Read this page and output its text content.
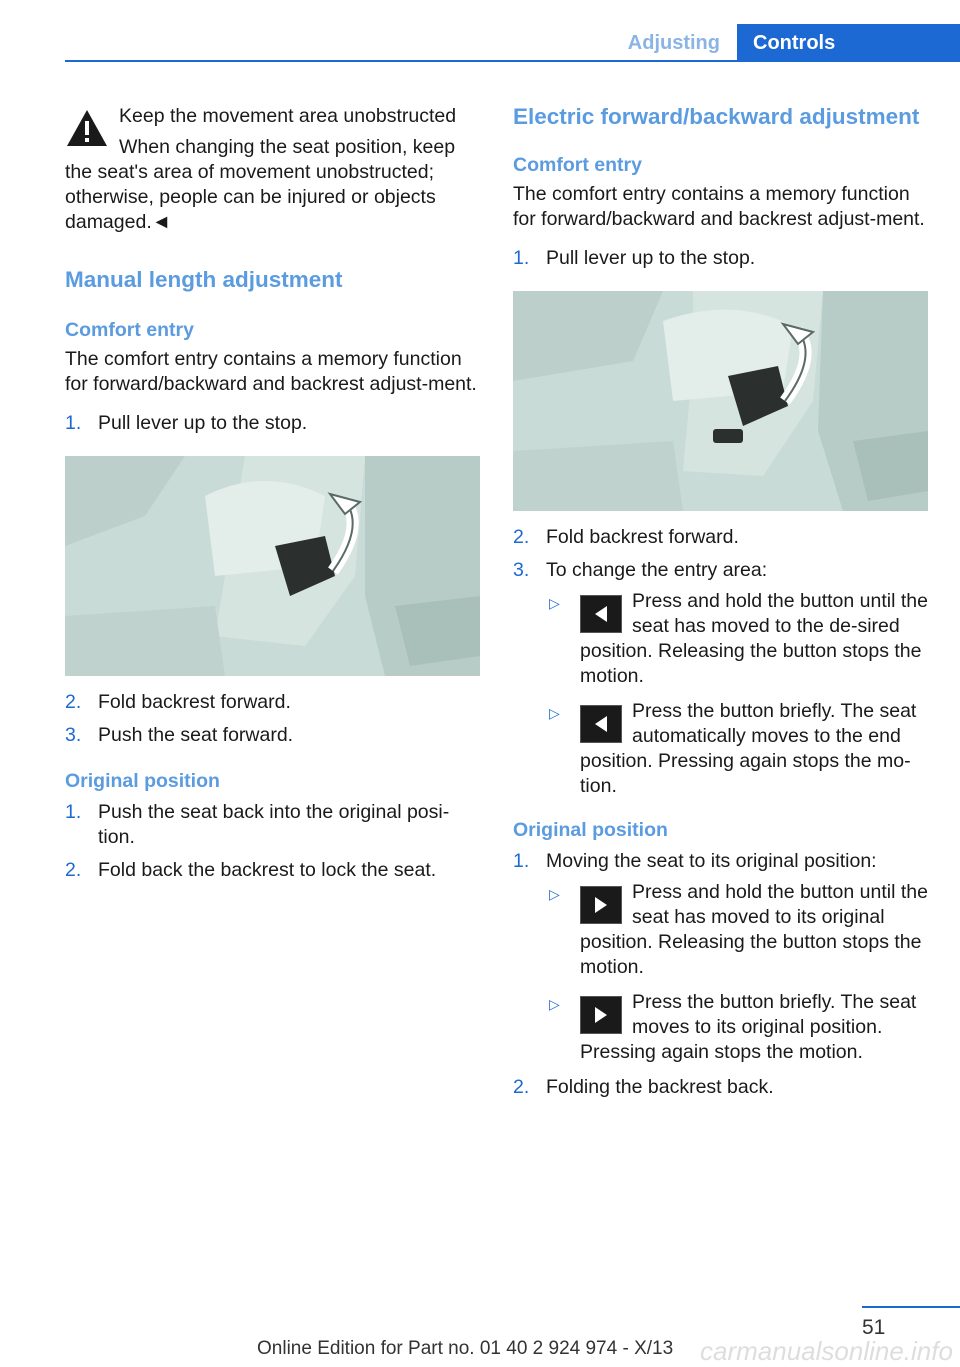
Adjusting	Controls
Keep the movement area unobstructed

When changing the seat position, keep the seat's area of movement unobstructed; otherwise, people can be injured or objects damaged.◄

Manual length adjustment
Comfort entry

The comfort entry contains a memory function for forward/backward and backrest adjust‐ment.

1. Pull lever up to the stop.
2. Fold backrest forward.
3. Push the seat forward.
Original position
1. Push the seat back into the original posi‐tion.
2. Fold back the backrest to lock the seat.
Electric forward/backward adjustment
Comfort entry

The comfort entry contains a memory function for forward/backward and backrest adjust‐ment.

1. Pull lever up to the stop.
2. Fold backrest forward.
3. To change the entry area:
▷	Press and hold the button until the seat has moved to the de‐sired position. Releasing the button stops the motion.
▷	Press the button briefly. The seat automatically moves to the end position. Pressing again stops the mo‐tion.
Original position
1. Moving the seat to its original position:
▷	Press and hold the button until the seat has moved to its original position. Releasing the button stops the motion.
▷	Press the button briefly. The seat moves to its original position. Pressing again stops the motion.
2. Folding the backrest back.
51
Online Edition for Part no. 01 40 2 924 974 - X/13 carmanualsonline.info
